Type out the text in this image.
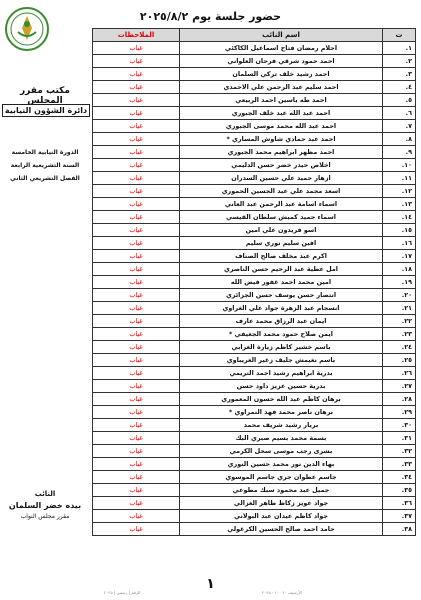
حضور جلسة يوم ٢٠٢٥/٨/٢
مكتب مقرر المجلس
دائرة الشؤون النيابية
الدورة النيابية الخامسة
السنة التشريعية الرابعة
الفصل التشريعي الثاني
النائب
بيده خضر السلمان
مقرر مجلس النواب
ت	اسم النائب	الملاحظات
١.	احلام رمضان فتاح اسماعيل الكاكئي	غياب
٢.	احمد حمود شرقي فرحان العلواني	غياب
٣.	احمد رشيد خلف تركي السلمان	غياب
٤.	احمد سليم عبد الرحمن علي الاحمدي	غياب
٥.	احمد طه ياسين احمد الربيعي	غياب
٦.	احمد عبد الله عبد خلف الجبوري	غياب
٧.	احمد عبد الله محمد موسى الجبوري	غياب
٨.	احمد عبد حمادي شاوش المساري *	غياب
٩.	احمد مظهر ابراهيم محمد الجبوري	غياب
١٠.	اخلاص حيدر خضر حسن الدليمي	غياب
١١.	ازهار حميد علي حسين السدران	غياب
١٢.	اسعد محمد علي عبد الحسين الحموزي	غياب
١٣.	اسماء اسامة عبد الرحمن عبد العاني	غياب
١٤.	اسماء حميد كميش سلطان القيسي	غياب
١٥.	اسو فريدون علي امين	غياب
١٦.	افين سليم نوري سليم	غياب
١٧.	اكرم عبد مخلف صالح الصناف	غياب
١٨.	امل عطية عبد الرحيم حسن الناصري	غياب
١٩.	امين محمد احمد غفور فيض الله	غياب
٢٠.	انتصار حسن يوسف حسن الجزائري	غياب
٢١.	انسجام عبد الزهرة جواد علي الغراوي	غياب
٢٢.	ايمان عبد الرزاق محمد عارف	غياب
٢٣.	ايمن صلاح حمود محمد الجغيفي *	غياب
٢٤.	باسم خشير كاظم زيارة الغرابي	غياب
٢٥.	باسم نغيمش جليف زغير الغريباوي	غياب
٢٦.	بدرية ابراهيم رشيد احمد التريمي	غياب
٢٧.	بدرية حسين عزيز داود حسن	غياب
٢٨.	برهان كاظم عبد الله حسون المعموري	غياب
٢٩.	برهان ناصر محمد فهد النمراوي *	غياب
٣٠.	بريار رشيد شريف محمد	غياب
٣١.	بسمة محمد بسيم صبري البك	غياب
٣٢.	بشرى رجب موسى سحل الكرمي	غياب
٣٣.	بهاء الدين نور محمد حسين النوري	غياب
٣٤.	جاسم عطوان جري جاسم الموسوي	غياب
٣٥.	جميل عبد محمود سبك مطوعي	غياب
٣٦.	جواد عويز زكاظ طاهر الغزالي	غياب
٣٧.	جواد كاظم عيدان عبد البولاني	غياب
٣٨.	حامد احمد صالح الحسين الكرغولي	غياب
١
الرقم | رسمي | ٢٠٢٥	الأرشيف ٢٠ ١٠٠ - ٢٠٢٥
